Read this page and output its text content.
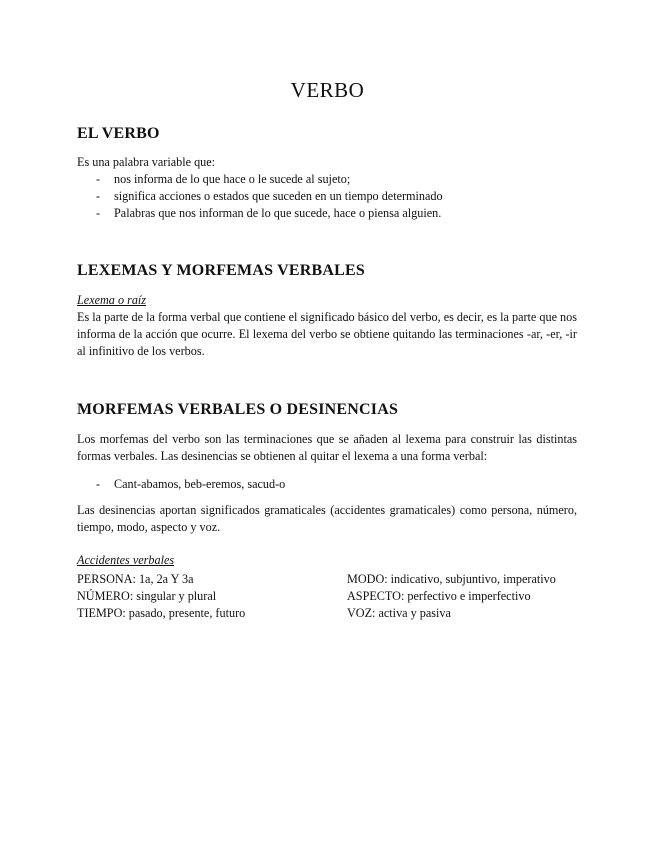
VERBO
EL VERBO
Es una palabra variable que:
- nos informa de lo que hace o le sucede al sujeto;
- significa acciones o estados que suceden en un tiempo determinado
- Palabras que nos informan de lo que sucede, hace o piensa alguien.
LEXEMAS Y MORFEMAS VERBALES
Lexema o raíz
Es la parte de la forma verbal que contiene el significado básico del verbo, es decir, es la parte que nos informa de la acción que ocurre. El lexema del verbo se obtiene quitando las terminaciones -ar, -er, -ir al infinitivo de los verbos.
MORFEMAS VERBALES O DESINENCIAS
Los morfemas del verbo son las terminaciones que se añaden al lexema para construir las distintas formas verbales. Las desinencias se obtienen al quitar el lexema a una forma verbal:
- Cant-abamos, beb-eremos, sacud-o
Las desinencias aportan significados gramaticales (accidentes gramaticales) como persona, número, tiempo, modo, aspecto y voz.
Accidentes verbales
PERSONA: 1a, 2a Y 3a
NÚMERO: singular y plural
TIEMPO: pasado, presente, futuro
MODO: indicativo, subjuntivo, imperativo
ASPECTO: perfectivo e imperfectivo
VOZ: activa y pasiva
